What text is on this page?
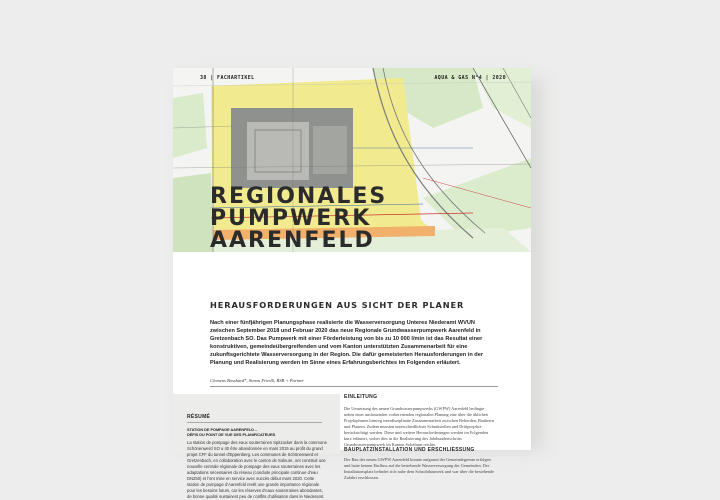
38 | FACHARTIKEL	AQUA & GAS N°4 | 2020
REGIONALES PUMPWERK
AARENFELD
HERAUSFORDERUNGEN AUS SICHT DER PLANER

Nach einer fünfjährigen Planungsphase realisierte die Wasserversorgung Unteres Niederamt WVUN zwischen September 2018 und Februar 2020 das neue Regionale Grundwasserpumpwerk Aarenfeld in Gretzenbach SO. Das Pumpwerk mit einer Förderleistung von bis zu 10 000 l/min ist das Resultat einer konstruktiven, gemeindeübergreifenden und vom Kanton unterstützten Zusammenarbeit für eine zukunftsgerichtete Wasserversorgung in der Region. Die dafür gemeisterten Herausforderungen in der Planung und Realisierung werden im Sinne eines Erfahrungsberichtes im Folgenden erläutert.

Clemens Bosshard*, Simon Friedli, BSB + Partner
RÉSUMÉ
STATION DE POMPAGE AARENFELD –
DÉFIS DU POINT DE VUE DES PLANIFICATEURS

La station de pompage des eaux souterraines Spitzacker dans la commune Schönenwerd SO a 40 être abandonnée en mars 2015 au profit du grand projet CFF du tunnel d'Eppenberg. Les communes de Schönenwerd et Gretzenbach, en collaboration avec le canton de Soleure, ont construit une nouvelle centrale régionale de pompage des eaux souterraines avec les adaptations nécessaires du réseau (conduite principale continue d'eau DN250) et l'ont mise en service avec succès début mars 2020. Cette station de pompage d'Aarenfeld revêt une grande importance régionale pour les besoins futurs, car les réserves d'eaux souterraines abondantes, de bonne qualité sustainent peu de conflits d'utilisation dans le Niederamt.

EINLEITUNG

Die Umsetzung des neuen Grundwasserpumpwerks (GWPW) Aarenfeld bedingte neben einer umfassenden vorbereitenden regionalen Planung eine über die üblichen Projektphasen hinweg interdisziplinäre Zusammenarbeit zwischen Behörden, Bauherrn und Planern. Zudem mussten unterschiedlichste Schnittstellen und Drittprojekte berücksichtigt werden. Diese und weitere Herausforderungen werden im Folgenden kurz erläutert, wobei dies in die Realisierung des Jahrhundertschritts Grundwasserpumpwerk im Kanton Solothurn reichte.

BAUPLATZINSTALLATION UND ERSCHLIESSUNG

Der Bau des neuen GWPW Aarenfeld konnte aufgrund der Gemeindegrenze erfolgen und hatte keinen Einfluss auf die bestehende Wasserversorgung der Gemeinden. Der Installationsplatz befindet sich nahe dem Schachtbauwerk und war über die bestehende Zufahrt erschlossen.
